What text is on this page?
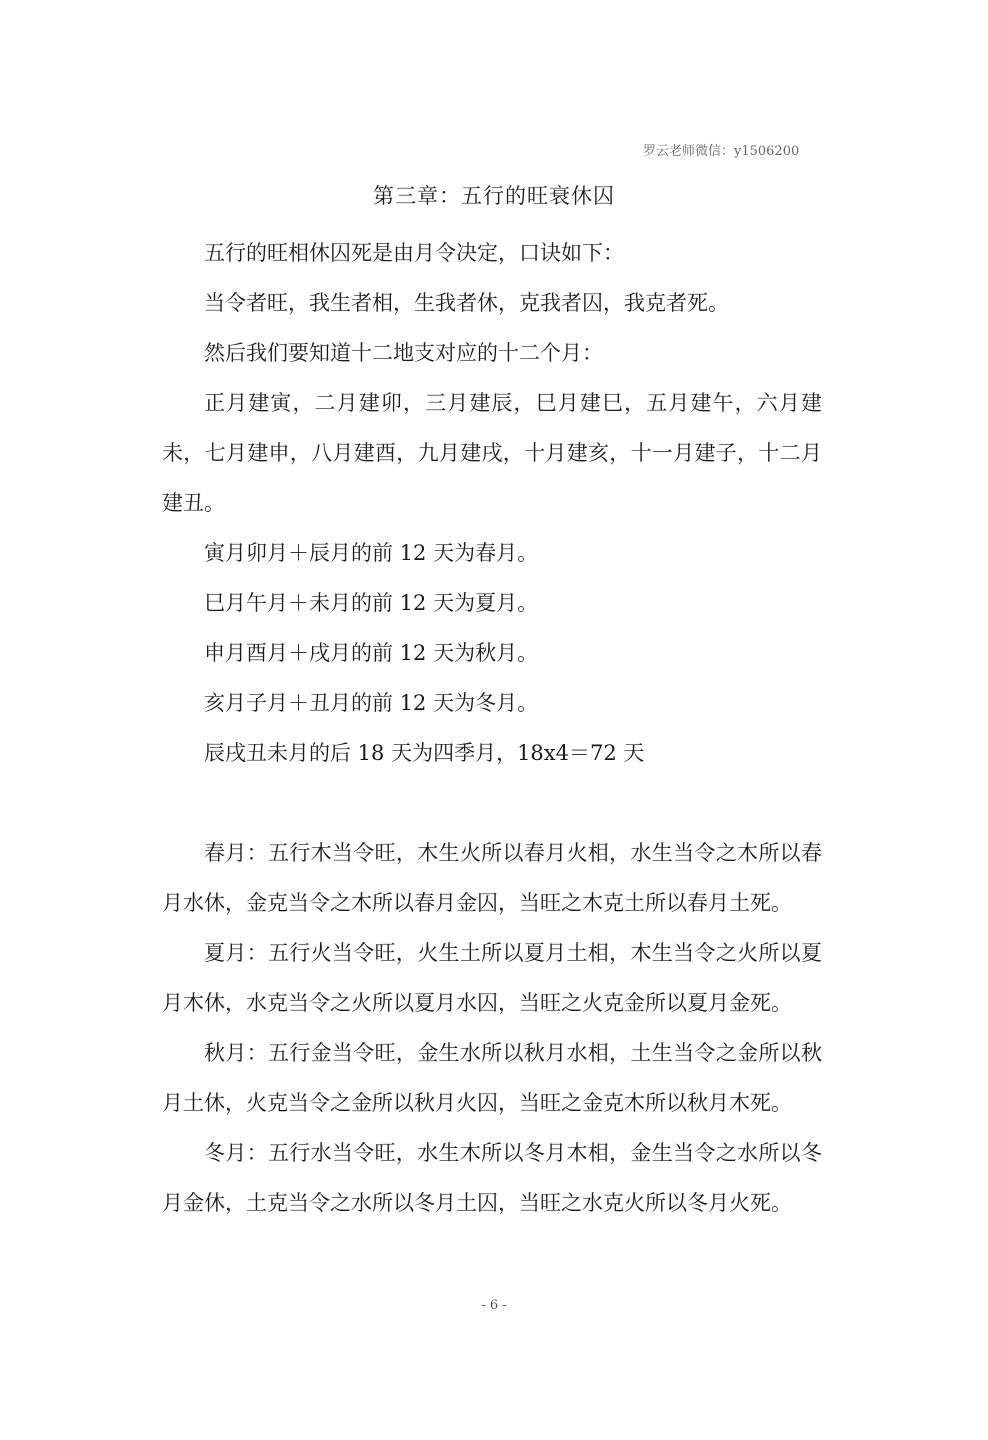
罗云老师微信：y1506200
第三章：五行的旺衰休囚

五行的旺相休囚死是由月令决定，口诀如下：

当令者旺，我生者相，生我者休，克我者囚，我克者死。

然后我们要知道十二地支对应的十二个月：

正月建寅，二月建卯，三月建辰，巳月建巳，五月建午，六月建未，七月建申，八月建酉，九月建戌，十月建亥，十一月建子，十二月建丑。

寅月卯月＋辰月的前 12 天为春月。

巳月午月＋未月的前 12 天为夏月。

申月酉月＋戌月的前 12 天为秋月。

亥月子月＋丑月的前 12 天为冬月。

辰戌丑未月的后 18 天为四季月，18x4＝72 天

春月：五行木当令旺，木生火所以春月火相，水生当令之木所以春月水休，金克当令之木所以春月金囚，当旺之木克土所以春月土死。

夏月：五行火当令旺，火生土所以夏月土相，木生当令之火所以夏月木休，水克当令之火所以夏月水囚，当旺之火克金所以夏月金死。

秋月：五行金当令旺，金生水所以秋月水相，土生当令之金所以秋月土休，火克当令之金所以秋月火囚，当旺之金克木所以秋月木死。

冬月：五行水当令旺，水生木所以冬月木相，金生当令之水所以冬月金休，土克当令之水所以冬月土囚，当旺之水克火所以冬月火死。

- 6 -
